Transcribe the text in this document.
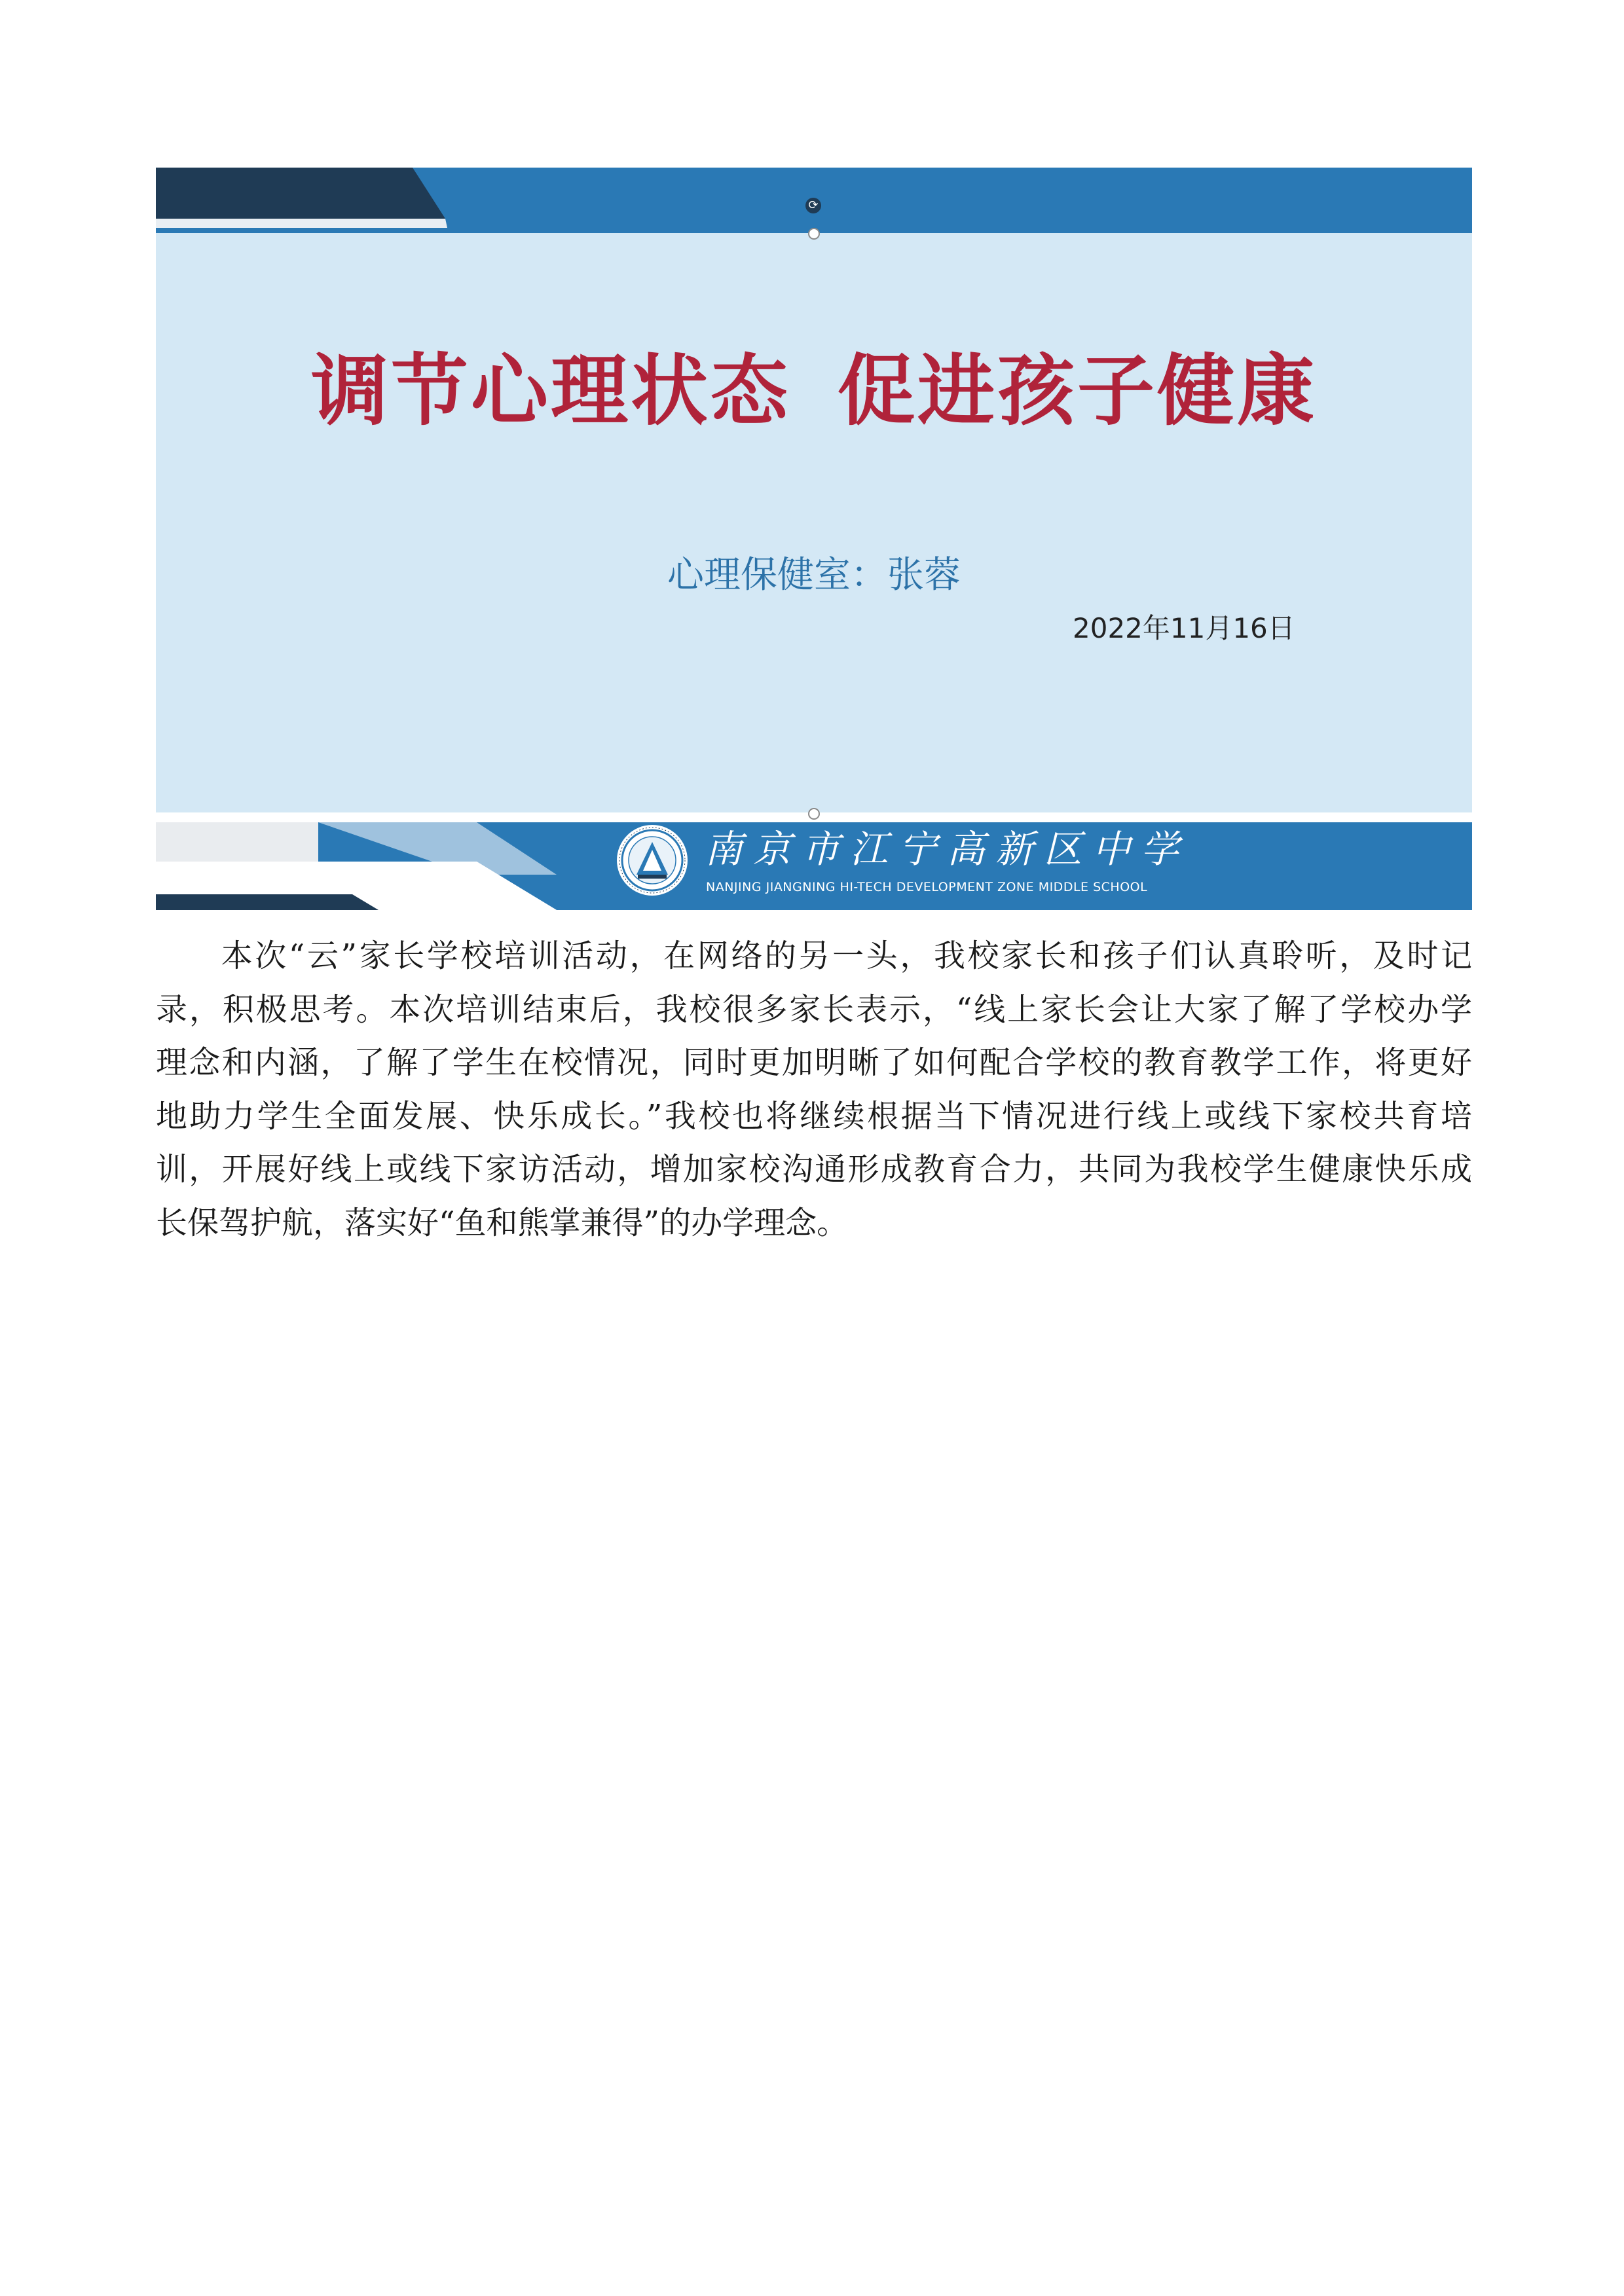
⟳
调节心理状态 促进孩子健康
心理保健室：张蓉
2022年11月16日
南京市江宁高新区中学
NANJING JIANGNING HI-TECH DEVELOPMENT ZONE MIDDLE SCHOOL

本次“云”家长学校培训活动，在网络的另一头，我校家长和孩子们认真聆听，及时记
录，积极思考。本次培训结束后，我校很多家长表示，“线上家长会让大家了解了学校办学
理念和内涵，了解了学生在校情况，同时更加明晰了如何配合学校的教育教学工作，将更好
地助力学生全面发展、快乐成长。”我校也将继续根据当下情况进行线上或线下家校共育培
训，开展好线上或线下家访活动，增加家校沟通形成教育合力，共同为我校学生健康快乐成
长保驾护航，落实好“鱼和熊掌兼得”的办学理念。
